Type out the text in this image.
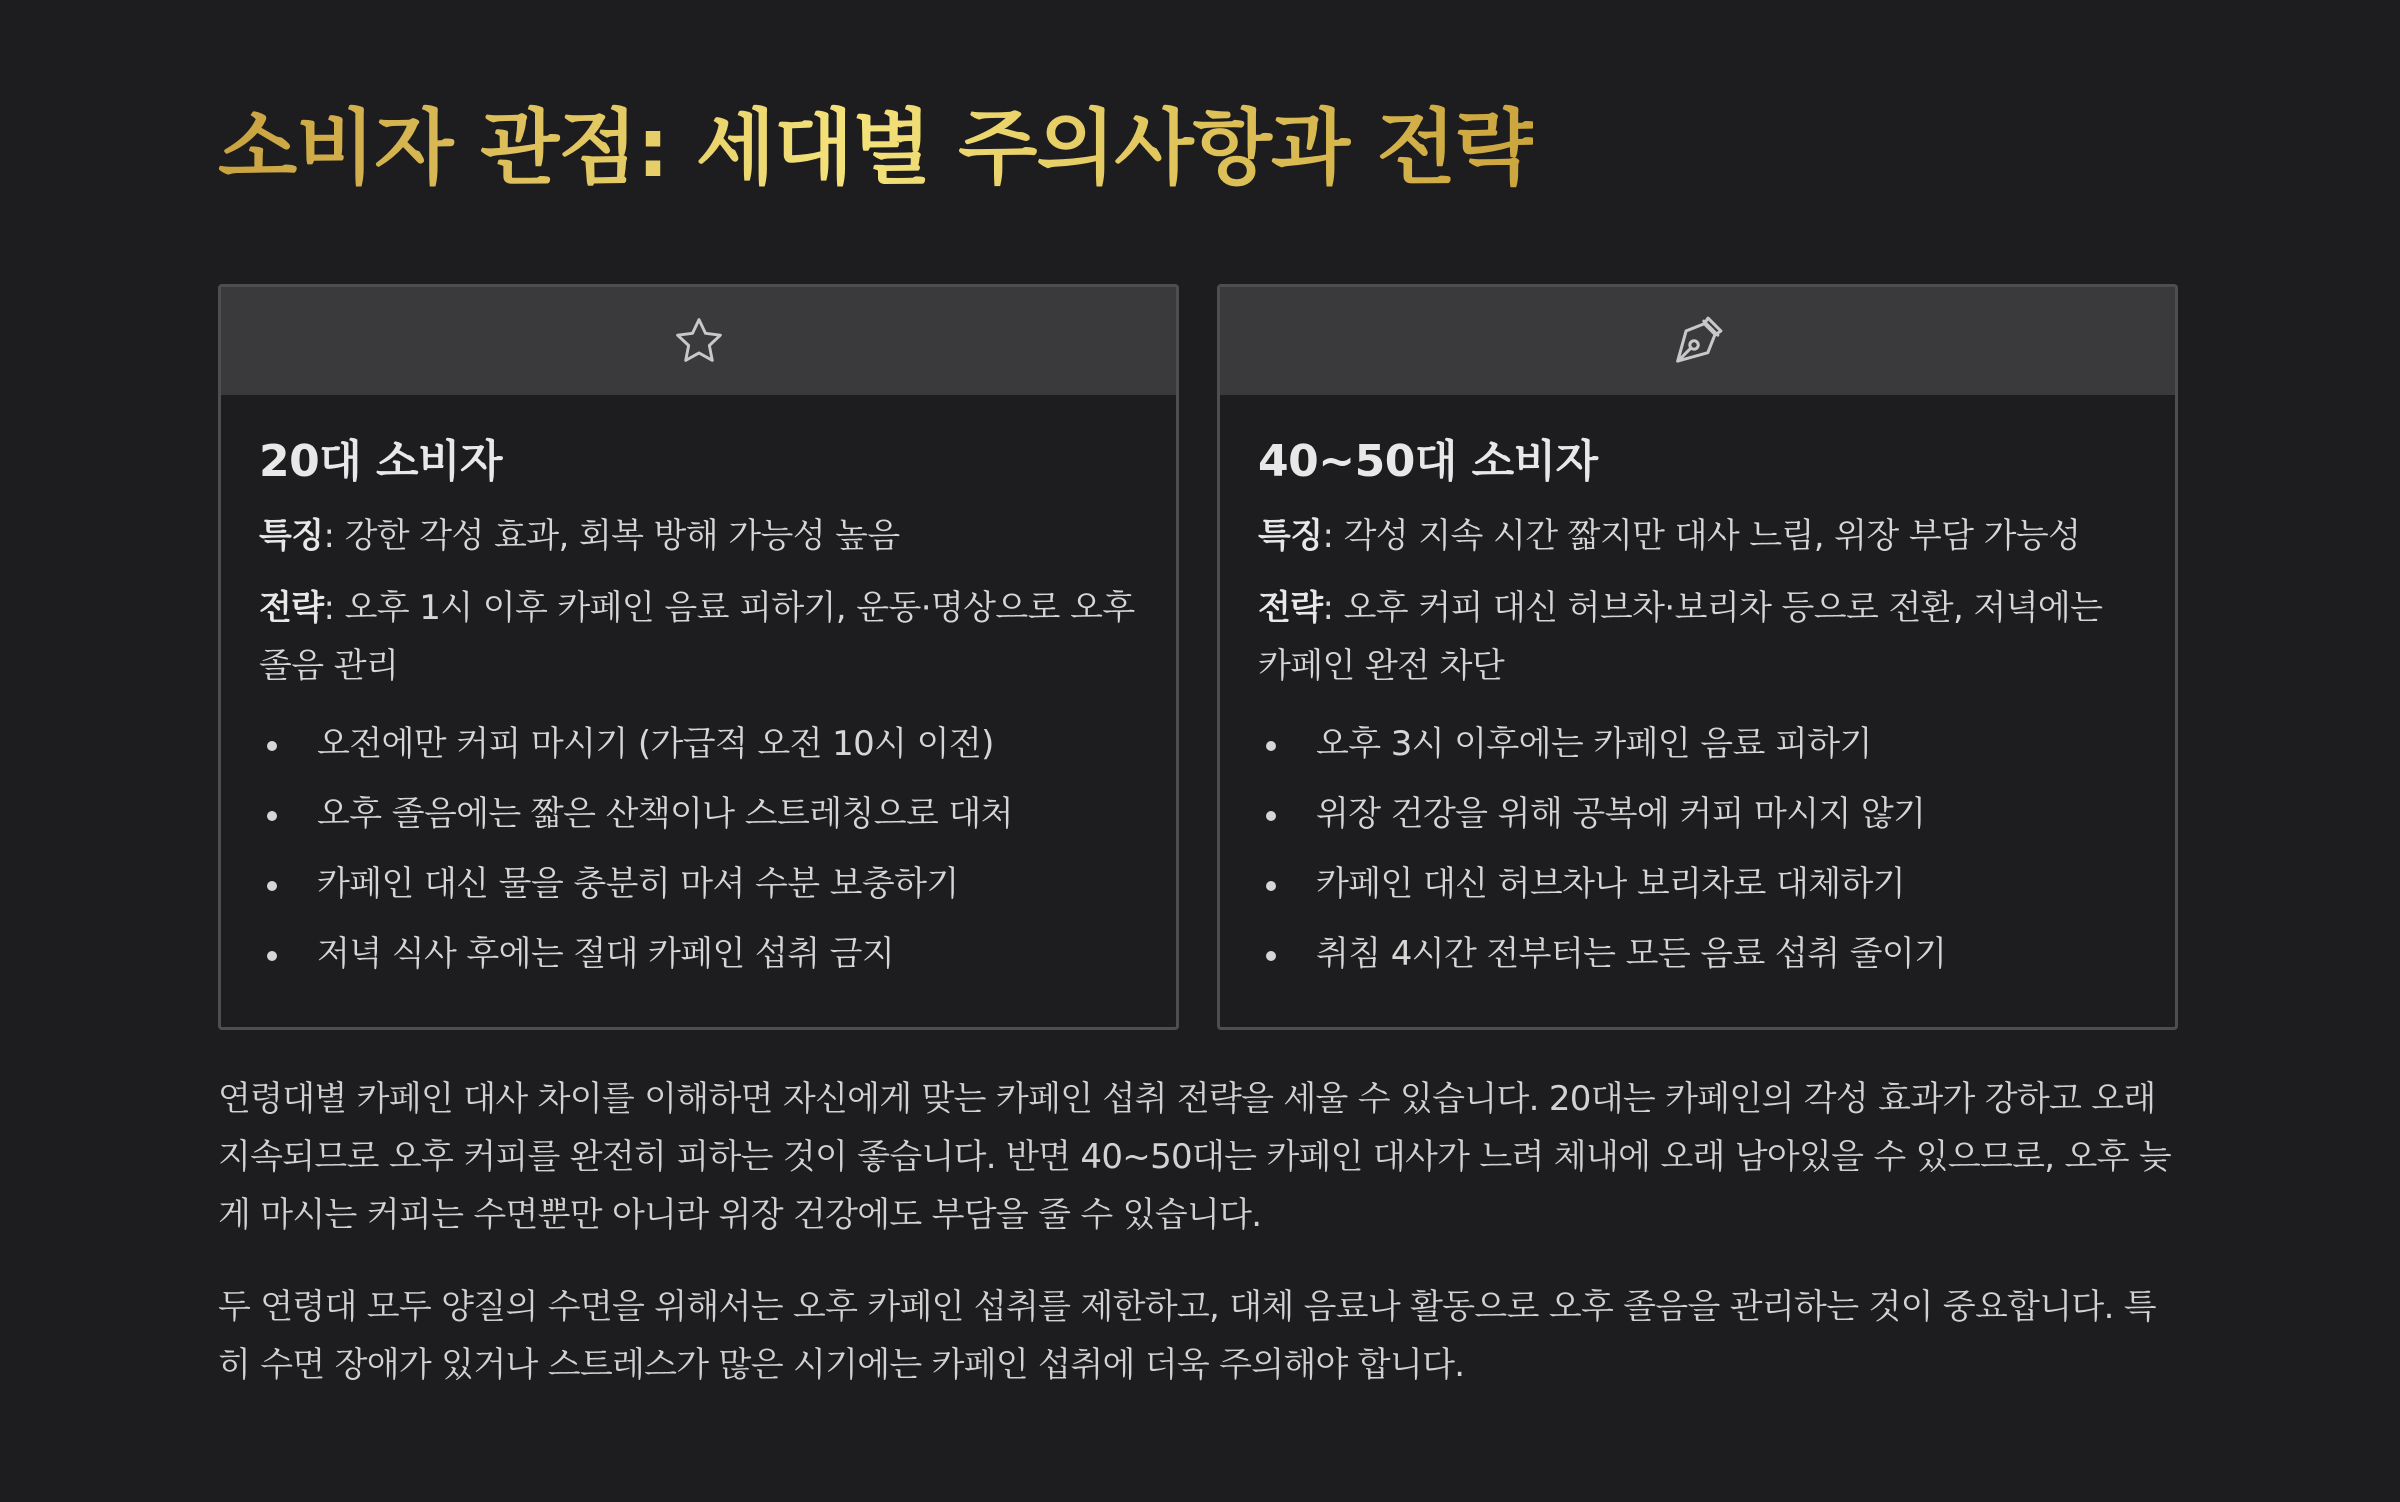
소비자 관점: 세대별 주의사항과 전략
20대 소비자

특징: 강한 각성 효과, 회복 방해 가능성 높음

전략: 오후 1시 이후 카페인 음료 피하기, 운동·명상으로 오후 졸음 관리

오전에만 커피 마시기 (가급적 오전 10시 이전)
오후 졸음에는 짧은 산책이나 스트레칭으로 대처
카페인 대신 물을 충분히 마셔 수분 보충하기
저녁 식사 후에는 절대 카페인 섭취 금지
40~50대 소비자

특징: 각성 지속 시간 짧지만 대사 느림, 위장 부담 가능성

전략: 오후 커피 대신 허브차·보리차 등으로 전환, 저녁에는 카페인 완전 차단

오후 3시 이후에는 카페인 음료 피하기
위장 건강을 위해 공복에 커피 마시지 않기
카페인 대신 허브차나 보리차로 대체하기
취침 4시간 전부터는 모든 음료 섭취 줄이기

연령대별 카페인 대사 차이를 이해하면 자신에게 맞는 카페인 섭취 전략을 세울 수 있습니다. 20대는 카페인의 각성 효과가 강하고 오래 지속되므로 오후 커피를 완전히 피하는 것이 좋습니다. 반면 40~50대는 카페인 대사가 느려 체내에 오래 남아있을 수 있으므로, 오후 늦게 마시는 커피는 수면뿐만 아니라 위장 건강에도 부담을 줄 수 있습니다.

두 연령대 모두 양질의 수면을 위해서는 오후 카페인 섭취를 제한하고, 대체 음료나 활동으로 오후 졸음을 관리하는 것이 중요합니다. 특히 수면 장애가 있거나 스트레스가 많은 시기에는 카페인 섭취에 더욱 주의해야 합니다.
